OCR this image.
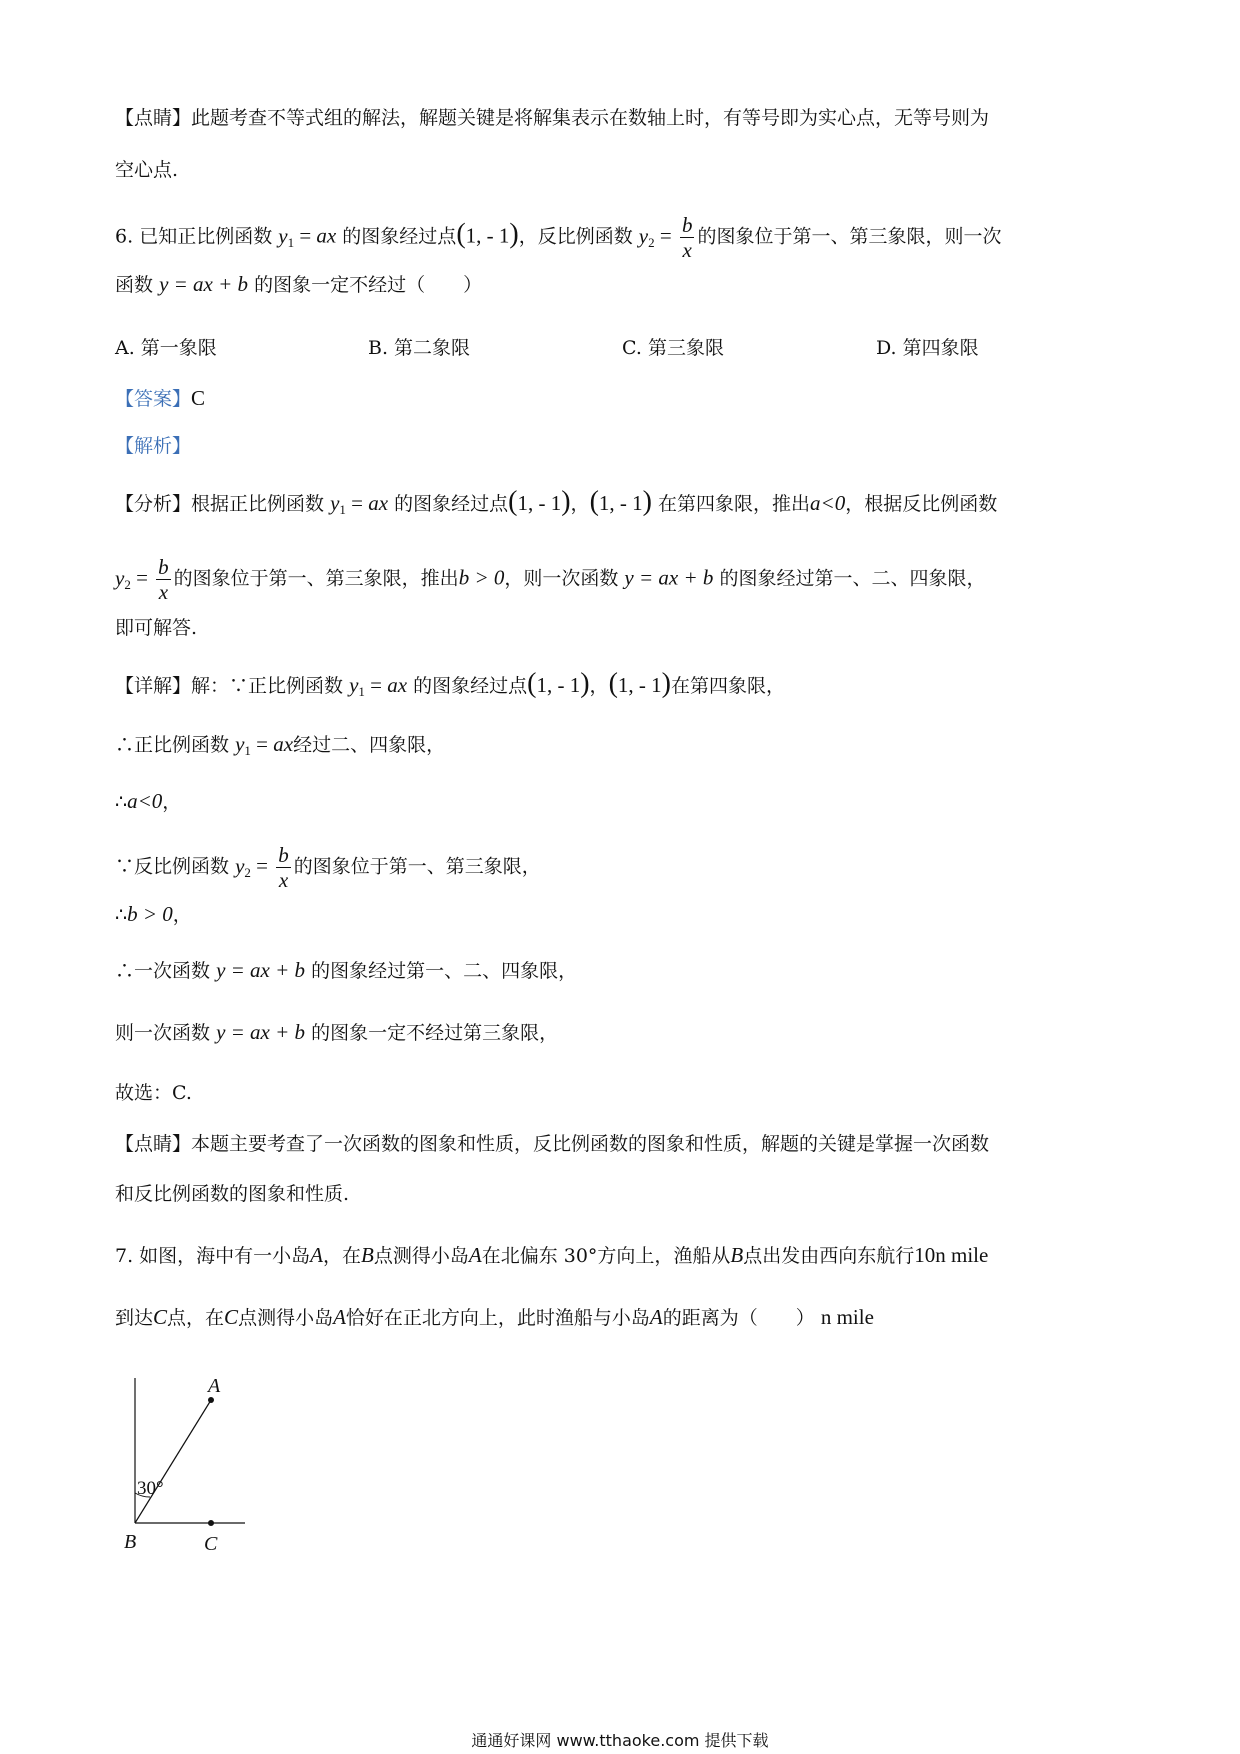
【点睛】此题考查不等式组的解法，解题关键是将解集表示在数轴上时，有等号即为实心点，无等号则为
空心点.
6. 已知正比例函数 $y_1$ = ax 的图象经过点(1, - 1)，反比例函数 $y_2 = \frac{b}{x}$ 的图象位于第一、第三象限，则一次
函数 y = ax + b 的图象一定不经过（　　）
A. 第一象限	B. 第二象限	C. 第三象限	D. 第四象限
【答案】C
【解析】
【分析】根据正比例函数 $y_1$ = ax 的图象经过点(1, - 1)，(1, - 1) 在第四象限，推出a<0，根据反比例函数
$y_2 = \frac{b}{x}$ 的图象位于第一、第三象限，推出b > 0，则一次函数 y = ax + b 的图象经过第一、二、四象限，
即可解答.
【详解】解：∵正比例函数 $y_1$ = ax 的图象经过点(1, - 1)，(1, - 1)在第四象限，
∴正比例函数 $y_1$ = ax经过二、四象限，
∴a<0，
∵反比例函数 $y_2 = \frac{b}{x}$ 的图象位于第一、第三象限，
∴b > 0，
∴一次函数 y = ax + b 的图象经过第一、二、四象限，
则一次函数 y = ax + b 的图象一定不经过第三象限，
故选：C.
【点睛】本题主要考查了一次函数的图象和性质，反比例函数的图象和性质，解题的关键是掌握一次函数
和反比例函数的图象和性质.
7. 如图，海中有一小岛A，在B点测得小岛A在北偏东 30°方向上，渔船从B点出发由西向东航行10n mile
到达C点，在C点测得小岛A恰好在正北方向上，此时渔船与小岛A的距离为（　　） n mile
A
B	C
30°
通通好课网 www.tthaoke.com 提供下载
